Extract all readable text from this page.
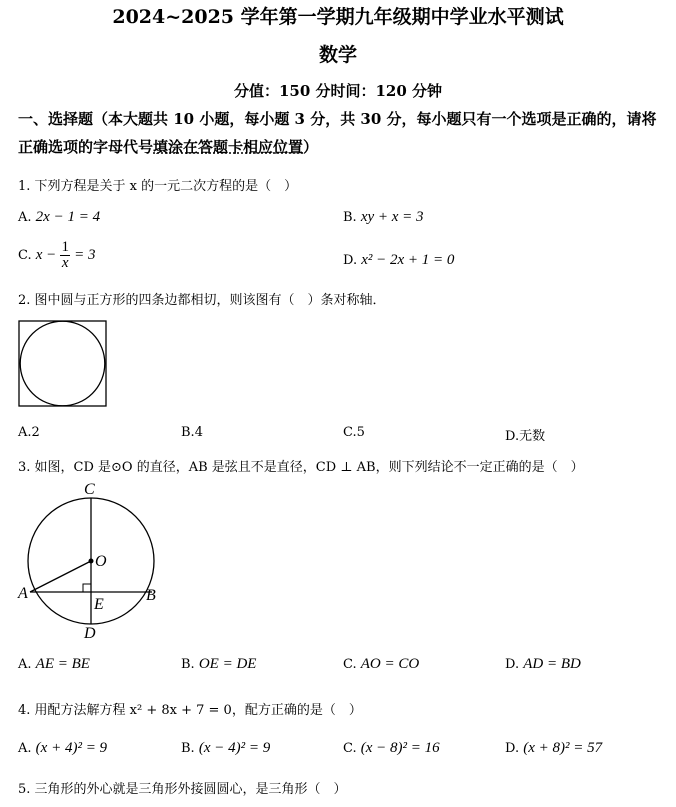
2024~2025 学年第一学期九年级期中学业水平测试
数学
分值：150 分时间：120 分钟
一、选择题（本大题共 10 小题，每小题 3 分，共 30 分，每小题只有一个选项是正确的，请将
正确选项的字母代号填涂在答题卡相应位置）
1. 下列方程是关于 x 的一元二次方程的是（　）
A. 2x − 1 = 4	B. xy + x = 3
C. $x - \frac{1}{x} = 3$	D. x² − 2x + 1 = 0
2. 图中圆与正方形的四条边都相切，则该图有（　）条对称轴．
A.2	B.4	C.5	D.无数
3. 如图，CD 是⊙O 的直径，AB 是弦且不是直径，CD ⊥ AB，则下列结论不一定正确的是（　）
C
O
A
E
B
D
A. AE = BE	B. OE = DE	C. AO = CO	D. AD = BD
4. 用配方法解方程 x² + 8x + 7 = 0，配方正确的是（　）
A. (x + 4)² = 9	B. (x − 4)² = 9	C. (x − 8)² = 16	D. (x + 8)² = 57
5. 三角形的外心就是三角形外接圆圆心，是三角形（　）
